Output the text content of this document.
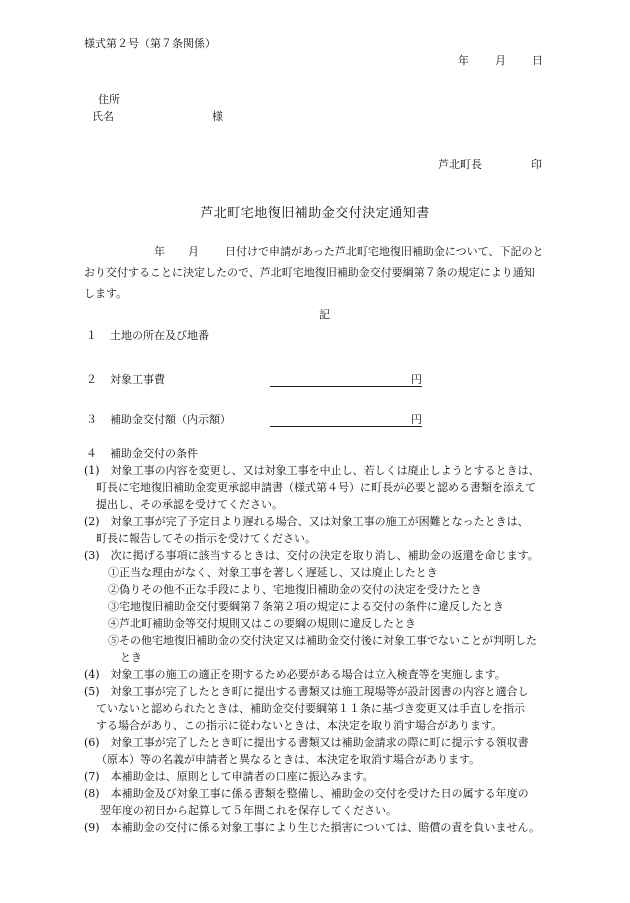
様式第２号（第７条関係）
年 月 日
住所
氏名	様
芦北町長	印
芦北町宅地復旧補助金交付決定通知書
年 月 日付けで申請があった芦北町宅地復旧補助金について、下記のと
おり交付することに決定したので、芦北町宅地復旧補助金交付要綱第７条の規定により通知
します。
記
１ 土地の所在及び地番
２ 対象工事費	円
３ 補助金交付額（内示額）	円
４ 補助金交付の条件
(1)　対象工事の内容を変更し、又は対象工事を中止し、若しくは廃止しようとするときは、
町長に宅地復旧補助金変更承認申請書（様式第４号）に町長が必要と認める書類を添えて
提出し、その承認を受けてください。
(2)　対象工事が完了予定日より遅れる場合、又は対象工事の施工が困難となったときは、
町長に報告してその指示を受けてください。
(3)　次に掲げる事項に該当するときは、交付の決定を取り消し、補助金の返還を命じます。
①正当な理由がなく、対象工事を著しく遅延し、又は廃止したとき
②偽りその他不正な手段により、宅地復旧補助金の交付の決定を受けたとき
③宅地復旧補助金交付要綱第７条第２項の規定による交付の条件に違反したとき
④芦北町補助金等交付規則又はこの要綱の規則に違反したとき
⑤その他宅地復旧補助金の交付決定又は補助金交付後に対象工事でないことが判明した
とき
(4)　対象工事の施工の適正を期するため必要がある場合は立入検査等を実施します。
(5)　対象工事が完了したとき町に提出する書類又は施工現場等が設計図書の内容と適合し
ていないと認められたときは、補助金交付要綱第１１条に基づき変更又は手直しを指示
する場合があり、この指示に従わないときは、本決定を取り消す場合があります。
(6)　対象工事が完了したとき町に提出する書類又は補助金請求の際に町に提示する領収書
（原本）等の名義が申請者と異なるときは、本決定を取消す場合があります。
(7)　本補助金は、原則として申請者の口座に振込みます。
(8)　本補助金及び対象工事に係る書類を整備し、補助金の交付を受けた日の属する年度の
翌年度の初日から起算して５年間これを保存してください。
(9)　本補助金の交付に係る対象工事により生じた損害については、賠償の責を負いません。
